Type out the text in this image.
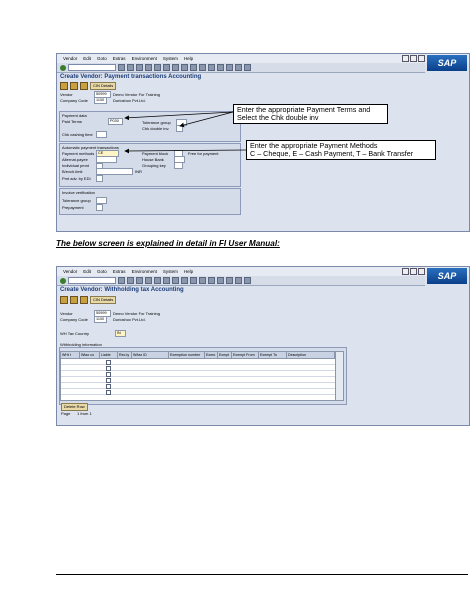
Vendor Edit Goto Extras Environment System Help	SAP
Create Vendor: Payment transactions Accounting
CIN Details
Vendor	50999	Demo Vendor For Training
Company Code	1100	Durioshox Pvt.Ltd.
Payment data
Paid Terms	P030	Tolerance group
Chk double inv.
Chk cashing time
Automatic payment transactions
Payment methods CE	Payment block	Free for payment
Alternat.payee	House Bank
Individual pmnt	Grouping key
B/exch.limit	INR
Pmt adv. by EDI
Invoice verification
Tolerance group
Prepayment
Enter the appropriate Payment Terms and Select the Chk double inv
Enter the appropriate Payment Methods
C – Cheque, E – Cash Payment, T – Bank Transfer
The below screen is explained in detail in FI User Manual:
Vendor Edit Goto Extras Environment System Help	SAP
Create Vendor: Withholding tax Accounting
CIN Details
Vendor	50999	Demo Vendor For Training
Company Code	1100	Durioshox Pvt.Ltd.
WH Tax Country	IN
Withholding information
WHt t	Wtax co	Liable	Rec.ty	W/tax ID	Exemption number	Exem. Exmpt	Exempt From	Exempt To	Description
Delete Row
Page 1 from 1
